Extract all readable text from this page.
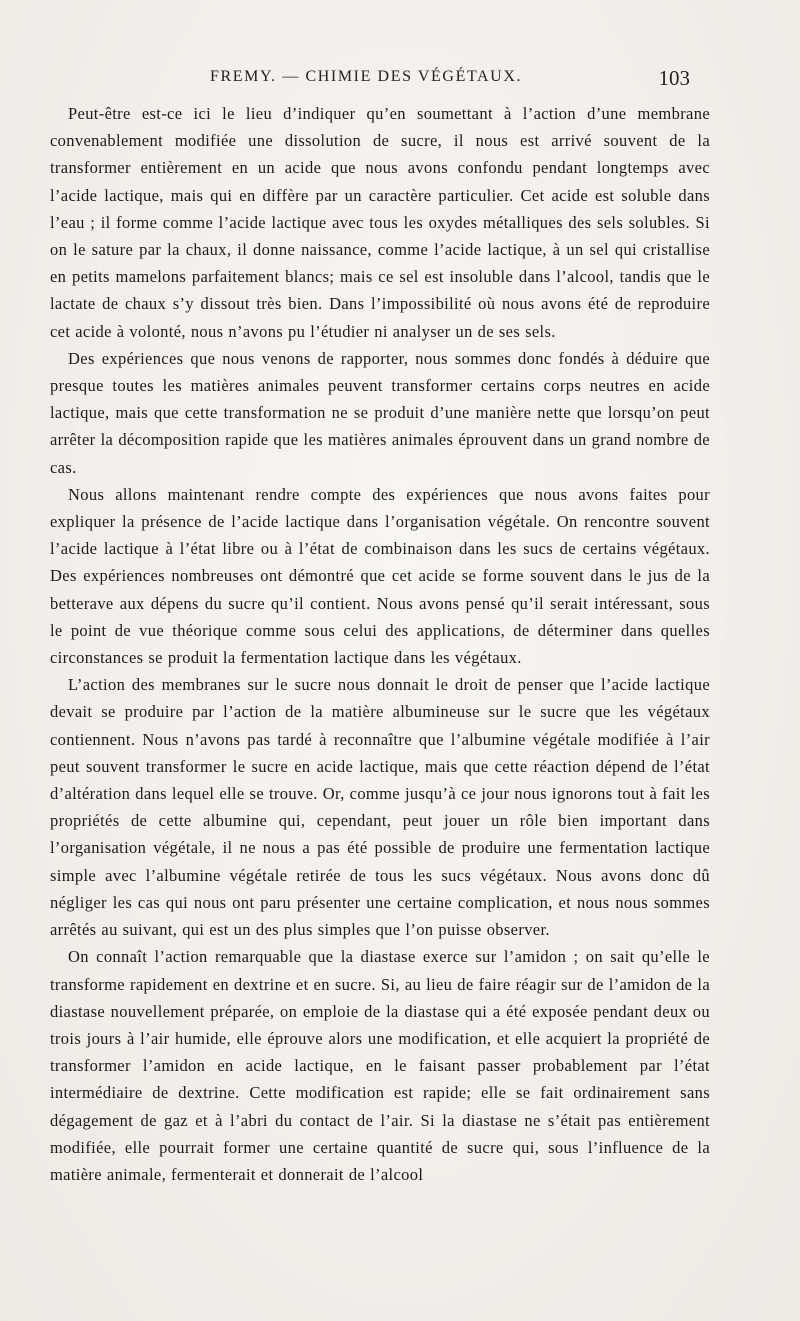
FREMY. — CHIMIE DES VÉGÉTAUX.	103

Peut-être est-ce ici le lieu d’indiquer qu’en soumettant à l’action d’une membrane convenablement modifiée une dissolution de sucre, il nous est arrivé souvent de la transformer entièrement en un acide que nous avons confondu pendant longtemps avec l’acide lactique, mais qui en diffère par un caractère particulier. Cet acide est soluble dans l’eau ; il forme comme l’acide lactique avec tous les oxydes métalliques des sels solubles. Si on le sature par la chaux, il donne naissance, comme l’acide lactique, à un sel qui cristallise en petits mamelons parfaitement blancs; mais ce sel est insoluble dans l’alcool, tandis que le lactate de chaux s’y dissout très bien. Dans l’impossibilité où nous avons été de reproduire cet acide à volonté, nous n’avons pu l’étudier ni analyser un de ses sels.

Des expériences que nous venons de rapporter, nous sommes donc fondés à déduire que presque toutes les matières animales peuvent transformer certains corps neutres en acide lactique, mais que cette transformation ne se produit d’une manière nette que lorsqu’on peut arrêter la décomposition rapide que les matières animales éprouvent dans un grand nombre de cas.

Nous allons maintenant rendre compte des expériences que nous avons faites pour expliquer la présence de l’acide lactique dans l’organisation végétale. On rencontre souvent l’acide lactique à l’état libre ou à l’état de combinaison dans les sucs de certains végétaux. Des expériences nombreuses ont démontré que cet acide se forme souvent dans le jus de la betterave aux dépens du sucre qu’il contient. Nous avons pensé qu’il serait intéressant, sous le point de vue théorique comme sous celui des applications, de déterminer dans quelles circonstances se produit la fermentation lactique dans les végétaux.

L’action des membranes sur le sucre nous donnait le droit de penser que l’acide lactique devait se produire par l’action de la matière albumineuse sur le sucre que les végétaux contiennent. Nous n’avons pas tardé à reconnaître que l’albumine végétale modifiée à l’air peut souvent transformer le sucre en acide lactique, mais que cette réaction dépend de l’état d’altération dans lequel elle se trouve. Or, comme jusqu’à ce jour nous ignorons tout à fait les propriétés de cette albumine qui, cependant, peut jouer un rôle bien important dans l’organisation végétale, il ne nous a pas été possible de produire une fermentation lactique simple avec l’albumine végétale retirée de tous les sucs végétaux. Nous avons donc dû négliger les cas qui nous ont paru présenter une certaine complication, et nous nous sommes arrêtés au suivant, qui est un des plus simples que l’on puisse observer.

On connaît l’action remarquable que la diastase exerce sur l’amidon ; on sait qu’elle le transforme rapidement en dextrine et en sucre. Si, au lieu de faire réagir sur de l’amidon de la diastase nouvellement préparée, on emploie de la diastase qui a été exposée pendant deux ou trois jours à l’air humide, elle éprouve alors une modification, et elle acquiert la propriété de transformer l’amidon en acide lactique, en le faisant passer probablement par l’état intermédiaire de dextrine. Cette modification est rapide; elle se fait ordinairement sans dégagement de gaz et à l’abri du contact de l’air. Si la diastase ne s’était pas entièrement modifiée, elle pourrait former une certaine quantité de sucre qui, sous l’influence de la matière animale, fermenterait et donnerait de l’alcool
